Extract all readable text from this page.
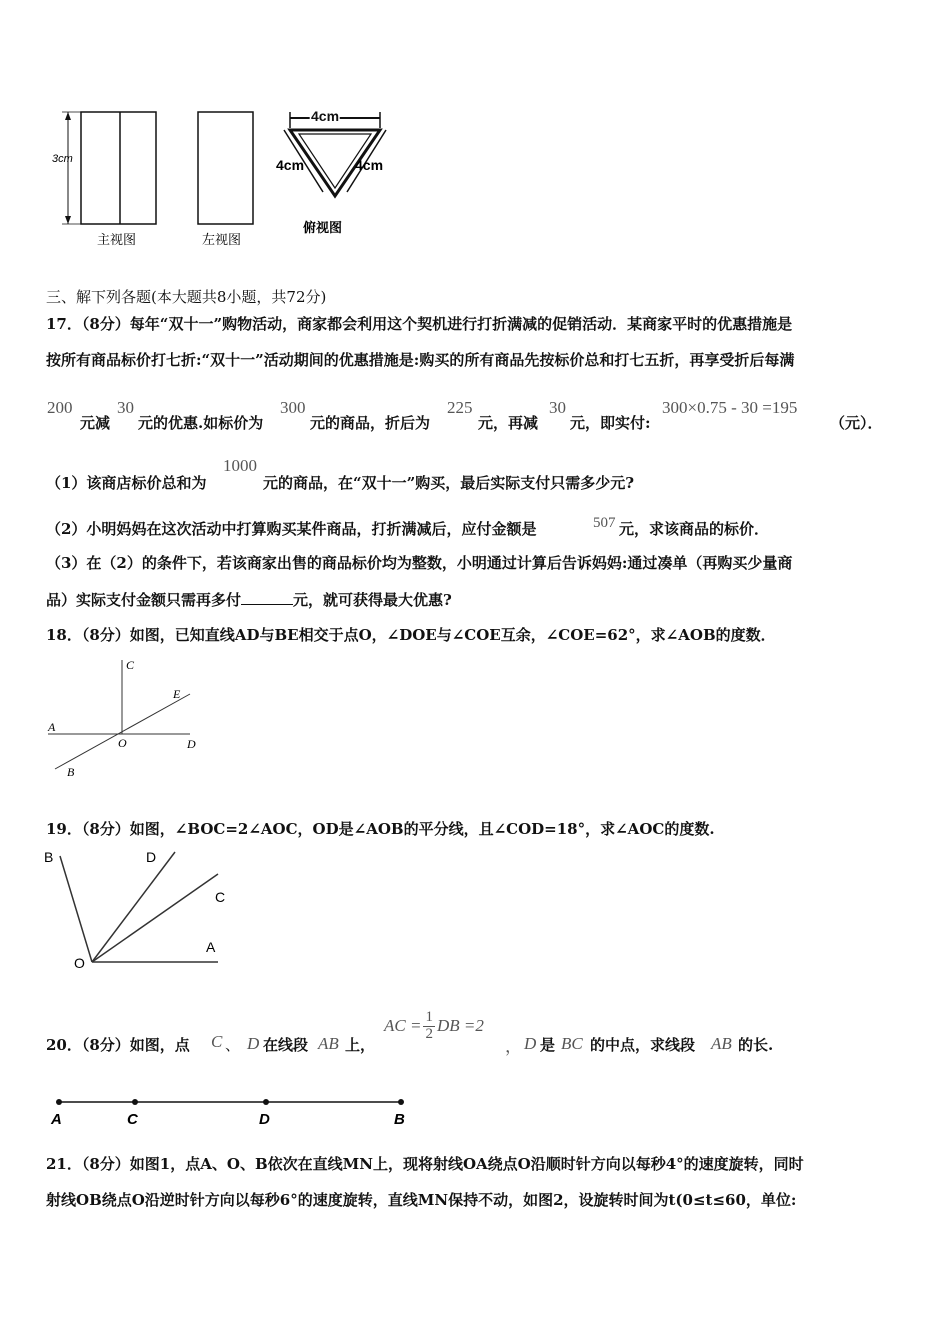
3cm
主视图	左视图
4cm
4cm	4cm
俯视图
三、解下列各题(本大题共8小题，共72分)
17．（8分）每年“双十一”购物活动，商家都会利用这个契机进行打折满减的促销活动．某商家平时的优惠措施是
按所有商品标价打七折:“双十一”活动期间的优惠措施是:购买的所有商品先按标价总和打七五折，再享受折后每满
200
元减
30
元的优惠.如标价为
300
元的商品，折后为
225
元，再减
30
元，即实付:
300×0.75 - 30 =195
（元）．
（1）该商店标价总和为
1000
元的商品，在“双十一”购买，最后实际支付只需多少元?
（2）小明妈妈在这次活动中打算购买某件商品，打折满减后，应付金额是	507 元，求该商品的标价．
（3）在（2）的条件下，若该商家出售的商品标价均为整数，小明通过计算后告诉妈妈:通过凑单（再购买少量商
品）实际支付金额只需再多付	元，就可获得最大优惠?
18．（8分）如图，已知直线AD与BE相交于点O，∠DOE与∠COE互余，∠COE=62°，求∠AOB的度数．
C
E
A
O	D
B
19．（8分）如图，∠BOC=2∠AOC，OD是∠AOB的平分线，且∠COD=18°，求∠AOC的度数.
B	D
C
A
O
20．（8分）如图，点 C 、 D 在线段 AB 上，
AC = $\frac{1}{2}$ DB =2
， D 是 BC 的中点，求线段 AB 的长.
A	C	D	B
21．（8分）如图1，点A、O、B依次在直线MN上，现将射线OA绕点O沿顺时针方向以每秒4°的速度旋转，同时
射线OB绕点O沿逆时针方向以每秒6°的速度旋转，直线MN保持不动，如图2，设旋转时间为t(0≤t≤60，单位:
